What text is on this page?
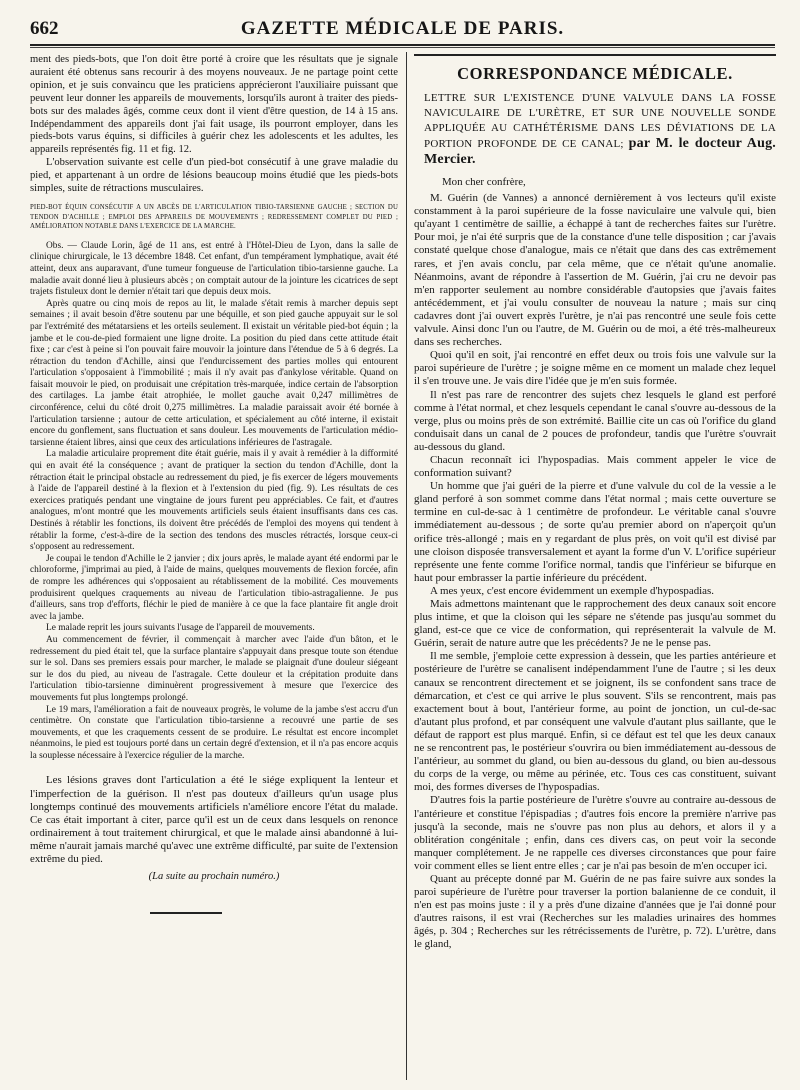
662	GAZETTE MÉDICALE DE PARIS.

ment des pieds-bots, que l'on doit être porté à croire que les résultats que je signale auraient été obtenus sans recourir à des moyens nouveaux. Je ne partage point cette opinion, et je suis convaincu que les praticiens apprécieront l'auxiliaire puissant que peuvent leur donner les appareils de mouvements, lorsqu'ils auront à traiter des pieds-bots sur des malades âgés, comme ceux dont il vient d'être question, de 14 à 15 ans. Indépendamment des appareils dont j'ai fait usage, ils pourront employer, dans les pieds-bots varus équins, si difficiles à guérir chez les adolescents et les adultes, les appareils représentés fig. 11 et fig. 12.

L'observation suivante est celle d'un pied-bot consécutif à une grave maladie du pied, et appartenant à un ordre de lésions beaucoup moins étudié que les pieds-bots simples, suite de rétractions musculaires.

PIED-BOT ÉQUIN CONSÉCUTIF A UN ABCÈS DE L'ARTICULATION TIBIO-TARSIENNE GAUCHE ; SECTION DU TENDON D'ACHILLE ; EMPLOI DES APPAREILS DE MOUVEMENTS ; REDRESSEMENT COMPLET DU PIED ; AMÉLIORATION NOTABLE DANS L'EXERCICE DE LA MARCHE.

Obs. — Claude Lorin, âgé de 11 ans, est entré à l'Hôtel-Dieu de Lyon, dans la salle de clinique chirurgicale, le 13 décembre 1848. Cet enfant, d'un tempérament lymphatique, avait été atteint, deux ans auparavant, d'une tumeur fongueuse de l'articulation tibio-tarsienne gauche. La maladie avait donné lieu à plusieurs abcès ; on comptait autour de la jointure les cicatrices de sept trajets fistuleux dont le dernier n'était tari que depuis deux mois.

Après quatre ou cinq mois de repos au lit, le malade s'était remis à marcher depuis sept semaines ; il avait besoin d'être soutenu par une béquille, et son pied gauche appuyait sur le sol par l'extrémité des métatarsiens et les orteils seulement. Il existait un véritable pied-bot équin ; la jambe et le cou-de-pied formaient une ligne droite. La position du pied dans cette attitude était fixe ; car c'est à peine si l'on pouvait faire mouvoir la jointure dans l'étendue de 5 à 6 degrés. La rétraction du tendon d'Achille, ainsi que l'endurcissement des parties molles qui entourent l'articulation s'opposaient à l'immobilité ; mais il n'y avait pas d'ankylose véritable. Quand on faisait mouvoir le pied, on produisait une crépitation très-marquée, indice certain de l'absorption des cartilages. La jambe était atrophiée, le mollet gauche avait 0,247 millimètres de circonférence, celui du côté droit 0,275 millimètres. La maladie paraissait avoir été bornée à l'articulation tarsienne ; autour de cette articulation, et spécialement au côté interne, il existait encore du gonflement, sans fluctuation et sans douleur. Les mouvements de l'articulation médio-tarsienne étaient libres, ainsi que ceux des articulations inférieures de l'astragale.

La maladie articulaire proprement dite était guérie, mais il y avait à remédier à la difformité qui en avait été la conséquence ; avant de pratiquer la section du tendon d'Achille, dont la rétraction était le principal obstacle au redressement du pied, je fis exercer de légers mouvements à l'aide de l'appareil destiné à la flexion et à l'extension du pied (fig. 9). Les résultats de ces exercices pratiqués pendant une vingtaine de jours furent peu appréciables. Ce fait, et d'autres analogues, m'ont montré que les mouvements artificiels seuls étaient insuffisants dans ces cas. Destinés à rétablir les fonctions, ils doivent être précédés de l'emploi des moyens qui tendent à rétablir la forme, c'est-à-dire de la section des tendons des muscles rétractés, lorsque ceux-ci s'opposent au redressement.

Je coupai le tendon d'Achille le 2 janvier ; dix jours après, le malade ayant été endormi par le chloroforme, j'imprimai au pied, à l'aide de mains, quelques mouvements de flexion forcée, afin de rompre les adhérences qui s'opposaient au rétablissement de la mobilité. Ces mouvements produisirent quelques craquements au niveau de l'articulation tibio-astragalienne. Je pus d'ailleurs, sans trop d'efforts, fléchir le pied de manière à ce que la face plantaire fit angle droit avec la jambe.

Le malade reprit les jours suivants l'usage de l'appareil de mouvements.

Au commencement de février, il commençait à marcher avec l'aide d'un bâton, et le redressement du pied était tel, que la surface plantaire s'appuyait dans presque toute son étendue sur le sol. Dans ses premiers essais pour marcher, le malade se plaignait d'une douleur siégeant sur le dos du pied, au niveau de l'astragale. Cette douleur et la crépitation produite dans l'articulation tibio-tarsienne diminuèrent progressivement à mesure que l'exercice des mouvements fut plus longtemps prolongé.

Le 19 mars, l'amélioration a fait de nouveaux progrès, le volume de la jambe s'est accru d'un centimètre. On constate que l'articulation tibio-tarsienne a recouvré une partie de ses mouvements, et que les craquements cessent de se produire. Le résultat est encore incomplet néanmoins, le pied est toujours porté dans un certain degré d'extension, et il n'a pas encore acquis la souplesse nécessaire à l'exercice régulier de la marche.

Les lésions graves dont l'articulation a été le siége expliquent la lenteur et l'imperfection de la guérison. Il n'est pas douteux d'ailleurs qu'un usage plus longtemps continué des mouvements artificiels n'améliore encore l'état du malade. Ce cas était important à citer, parce qu'il est un de ceux dans lesquels on renonce ordinairement à tout traitement chirurgical, et que le malade ainsi abandonné à lui-même n'aurait jamais marché qu'avec une extrême difficulté, par suite de l'extension extrême du pied.

(La suite au prochain numéro.)

CORRESPONDANCE MÉDICALE.

LETTRE SUR L'EXISTENCE D'UNE VALVULE DANS LA FOSSE NAVICULAIRE DE L'URÈTRE, ET SUR UNE NOUVELLE SONDE APPLIQUÉE AU CATHÉTÉRISME DANS LES DÉVIATIONS DE LA PORTION PROFONDE DE CE CANAL; par M. le docteur Aug. Mercier.

Mon cher confrère,

M. Guérin (de Vannes) a annoncé dernièrement à vos lecteurs qu'il existe constamment à la paroi supérieure de la fosse naviculaire une valvule qui, bien qu'ayant 1 centimètre de saillie, a échappé à tant de recherches faites sur l'urètre. Pour moi, je n'ai été surpris que de la constance d'une telle disposition ; car j'avais constaté quelque chose d'analogue, mais ce n'était que dans des cas extrêmement rares, et j'en avais conclu, par cela même, que ce n'était qu'une anomalie. Néanmoins, avant de répondre à l'assertion de M. Guérin, j'ai cru ne devoir pas m'en rapporter seulement au nombre considérable d'autopsies que j'avais faites antécédemment, et j'ai voulu consulter de nouveau la nature ; mais sur cinq cadavres dont j'ai ouvert exprès l'urètre, je n'ai pas rencontré une seule fois cette valvule. Ainsi donc l'un ou l'autre, de M. Guérin ou de moi, a été très-malheureux dans ses recherches.

Quoi qu'il en soit, j'ai rencontré en effet deux ou trois fois une valvule sur la paroi supérieure de l'urètre ; je soigne même en ce moment un malade chez lequel il s'en trouve une. Je vais dire l'idée que je m'en suis formée.

Il n'est pas rare de rencontrer des sujets chez lesquels le gland est perforé comme à l'état normal, et chez lesquels cependant le canal s'ouvre au-dessous de la verge, plus ou moins près de son extrémité. Baillie cite un cas où l'orifice du gland conduisait dans un canal de 2 pouces de profondeur, tandis que l'urètre s'ouvrait au-dessous du gland.

Chacun reconnaît ici l'hypospadias. Mais comment appeler le vice de conformation suivant?

Un homme que j'ai guéri de la pierre et d'une valvule du col de la vessie a le gland perforé à son sommet comme dans l'état normal ; mais cette ouverture se termine en cul-de-sac à 1 centimètre de profondeur. Le véritable canal s'ouvre immédiatement au-dessous ; de sorte qu'au premier abord on n'aperçoit qu'un orifice très-allongé ; mais en y regardant de plus près, on voit qu'il est divisé par une cloison disposée transversalement et ayant la forme d'un V. L'orifice supérieur représente une fente comme l'orifice normal, tandis que l'inférieur se bifurque en haut pour embrasser la partie inférieure du précédent.

A mes yeux, c'est encore évidemment un exemple d'hypospadias.

Mais admettons maintenant que le rapprochement des deux canaux soit encore plus intime, et que la cloison qui les sépare ne s'étende pas jusqu'au sommet du gland, est-ce que ce vice de conformation, qui représenterait la valvule de M. Guérin, serait de nature autre que les précédents? Je ne le pense pas.

Il me semble, j'emploie cette expression à dessein, que les parties antérieure et postérieure de l'urètre se canalisent indépendamment l'une de l'autre ; si les deux canaux se rencontrent directement et se joignent, ils se confondent sans trace de démarcation, et c'est ce qui arrive le plus souvent. S'ils se rencontrent, mais pas exactement bout à bout, l'antérieur forme, au point de jonction, un cul-de-sac d'autant plus profond, et par conséquent une valvule d'autant plus saillante, que le défaut de rapport est plus marqué. Enfin, si ce défaut est tel que les deux canaux ne se rencontrent pas, le postérieur s'ouvrira ou bien immédiatement au-dessous de l'antérieur, au sommet du gland, ou bien au-dessous du gland, ou bien au-dessous du corps de la verge, ou même au périnée, etc. Tous ces cas constituent, suivant moi, des formes diverses de l'hypospadias.

D'autres fois la partie postérieure de l'urètre s'ouvre au contraire au-dessous de l'antérieure et constitue l'épispadias ; d'autres fois encore la première n'arrive pas jusqu'à la seconde, mais ne s'ouvre pas non plus au dehors, et alors il y a oblitération congénitale ; enfin, dans ces divers cas, on peut voir la seconde manquer complétement. Je ne rappelle ces diverses circonstances que pour faire voir comment elles se lient entre elles ; car je n'ai pas besoin de m'en occuper ici.

Quant au précepte donné par M. Guérin de ne pas faire suivre aux sondes la paroi supérieure de l'urètre pour traverser la portion balanienne de ce conduit, il n'en est pas moins juste : il y a près d'une dizaine d'années que je l'ai donné pour d'autres raisons, il est vrai (Recherches sur les maladies urinaires des hommes âgés, p. 304 ; Recherches sur les rétrécissements de l'urètre, p. 72). L'urètre, dans le gland,
